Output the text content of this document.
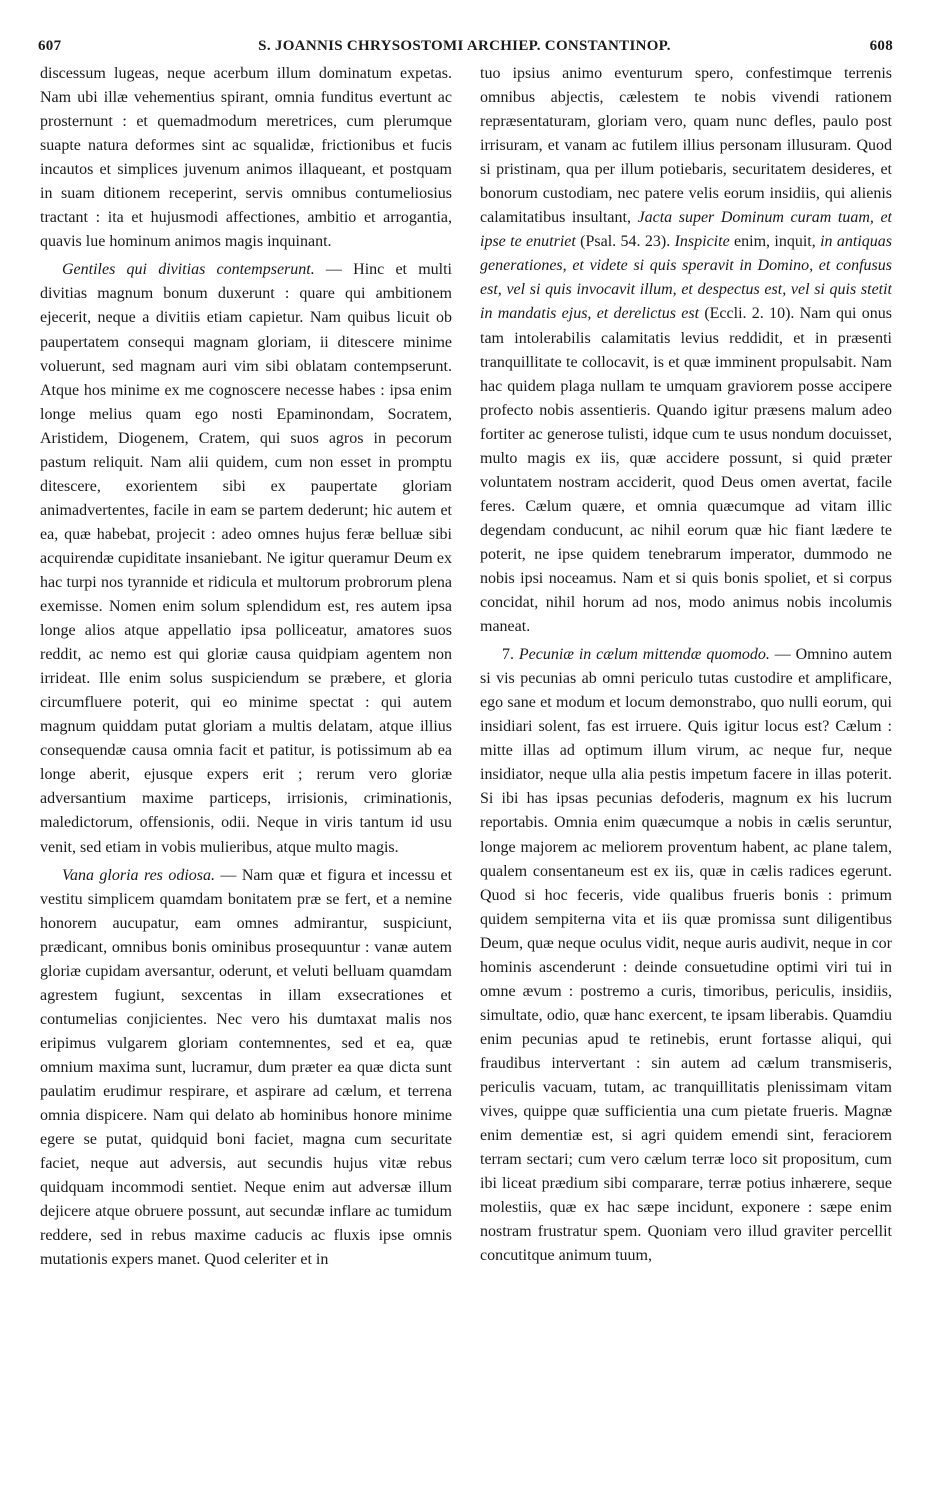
607	S. JOANNIS CHRYSOSTOMI ARCHIEP. CONSTANTINOP.	608

discessum lugeas, neque acerbum illum dominatum expetas. Nam ubi illæ vehementius spirant, omnia funditus evertunt ac prosternunt : et quemadmodum meretrices, cum plerumque suapte natura deformes sint ac squalidæ, frictionibus et fucis incautos et simplices juvenum animos illaqueant, et postquam in suam ditionem receperint, servis omnibus contumeliosius tractant : ita et hujusmodi affectiones, ambitio et arrogantia, quavis lue hominum animos magis inquinant.

Gentiles qui divitias contempserunt. — Hinc et multi divitias magnum bonum duxerunt : quare qui ambitionem ejecerit, neque a divitiis etiam capietur. Nam quibus licuit ob paupertatem consequi magnam gloriam, ii ditescere minime voluerunt, sed magnam auri vim sibi oblatam contempserunt. Atque hos minime ex me cognoscere necesse habes : ipsa enim longe melius quam ego nosti Epaminondam, Socratem, Aristidem, Diogenem, Cratem, qui suos agros in pecorum pastum reliquit. Nam alii quidem, cum non esset in promptu ditescere, exorientem sibi ex paupertate gloriam animadvertentes, facile in eam se partem dederunt; hic autem et ea, quæ habebat, projecit : adeo omnes hujus feræ belluæ sibi acquirendæ cupiditate insaniebant. Ne igitur queramur Deum ex hac turpi nos tyrannide et ridicula et multorum probrorum plena exemisse. Nomen enim solum splendidum est, res autem ipsa longe alios atque appellatio ipsa polliceatur, amatores suos reddit, ac nemo est qui gloriæ causa quidpiam agentem non irrideat. Ille enim solus suspiciendum se præbere, et gloria circumfluere poterit, qui eo minime spectat : qui autem magnum quiddam putat gloriam a multis delatam, atque illius consequendæ causa omnia facit et patitur, is potissimum ab ea longe aberit, ejusque expers erit ; rerum vero gloriæ adversantium maxime particeps, irrisionis, criminationis, maledictorum, offensionis, odii. Neque in viris tantum id usu venit, sed etiam in vobis mulieribus, atque multo magis.

Vana gloria res odiosa. — Nam quæ et figura et incessu et vestitu simplicem quamdam bonitatem præ se fert, et a nemine honorem aucupatur, eam omnes admirantur, suspiciunt, prædicant, omnibus bonis ominibus prosequuntur : vanæ autem gloriæ cupidam aversantur, oderunt, et veluti belluam quamdam agrestem fugiunt, sexcentas in illam exsecrationes et contumelias conjicientes. Nec vero his dumtaxat malis nos eripimus vulgarem gloriam contemnentes, sed et ea, quæ omnium maxima sunt, lucramur, dum præter ea quæ dicta sunt paulatim erudimur respirare, et aspirare ad cælum, et terrena omnia dispicere. Nam qui delato ab hominibus honore minime egere se putat, quidquid boni faciet, magna cum securitate faciet, neque aut adversis, aut secundis hujus vitæ rebus quidquam incommodi sentiet. Neque enim aut adversæ illum dejicere atque obruere possunt, aut secundæ inflare ac tumidum reddere, sed in rebus maxime caducis ac fluxis ipse omnis mutationis expers manet. Quod celeriter et in

tuo ipsius animo eventurum spero, confestimque terrenis omnibus abjectis, cælestem te nobis vivendi rationem repræsentaturam, gloriam vero, quam nunc defles, paulo post irrisuram, et vanam ac futilem illius personam illusuram. Quod si pristinam, qua per illum potiebaris, securitatem desideres, et bonorum custodiam, nec patere velis eorum insidiis, qui alienis calamitatibus insultant, Jacta super Dominum curam tuam, et ipse te enutriet (Psal. 54. 23). Inspicite enim, inquit, in antiquas generationes, et videte si quis speravit in Domino, et confusus est, vel si quis invocavit illum, et despectus est, vel si quis stetit in mandatis ejus, et derelictus est (Eccli. 2. 10). Nam qui onus tam intolerabilis calamitatis levius reddidit, et in præsenti tranquillitate te collocavit, is et quæ imminent propulsabit. Nam hac quidem plaga nullam te umquam graviorem posse accipere profecto nobis assentieris. Quando igitur præsens malum adeo fortiter ac generose tulisti, idque cum te usus nondum docuisset, multo magis ex iis, quæ accidere possunt, si quid præter voluntatem nostram acciderit, quod Deus omen avertat, facile feres. Cælum quære, et omnia quæcumque ad vitam illic degendam conducunt, ac nihil eorum quæ hic fiant lædere te poterit, ne ipse quidem tenebrarum imperator, dummodo ne nobis ipsi noceamus. Nam et si quis bonis spoliet, et si corpus concidat, nihil horum ad nos, modo animus nobis incolumis maneat.

7. Pecuniæ in cælum mittendæ quomodo. — Omnino autem si vis pecunias ab omni periculo tutas custodire et amplificare, ego sane et modum et locum demonstrabo, quo nulli eorum, qui insidiari solent, fas est irruere. Quis igitur locus est? Cælum : mitte illas ad optimum illum virum, ac neque fur, neque insidiator, neque ulla alia pestis impetum facere in illas poterit. Si ibi has ipsas pecunias defoderis, magnum ex his lucrum reportabis. Omnia enim quæcumque a nobis in cælis seruntur, longe majorem ac meliorem proventum habent, ac plane talem, qualem consentaneum est ex iis, quæ in cælis radices egerunt. Quod si hoc feceris, vide qualibus frueris bonis : primum quidem sempiterna vita et iis quæ promissa sunt diligentibus Deum, quæ neque oculus vidit, neque auris audivit, neque in cor hominis ascenderunt : deinde consuetudine optimi viri tui in omne ævum : postremo a curis, timoribus, periculis, insidiis, simultate, odio, quæ hanc exercent, te ipsam liberabis. Quamdiu enim pecunias apud te retinebis, erunt fortasse aliqui, qui fraudibus intervertant : sin autem ad cælum transmiseris, periculis vacuam, tutam, ac tranquillitatis plenissimam vitam vives, quippe quæ sufficientia una cum pietate frueris. Magnæ enim dementiæ est, si agri quidem emendi sint, feraciorem terram sectari; cum vero cælum terræ loco sit propositum, cum ibi liceat prædium sibi comparare, terræ potius inhærere, seque molestiis, quæ ex hac sæpe incidunt, exponere : sæpe enim nostram frustratur spem. Quoniam vero illud graviter percellit concutitque animum tuum,
